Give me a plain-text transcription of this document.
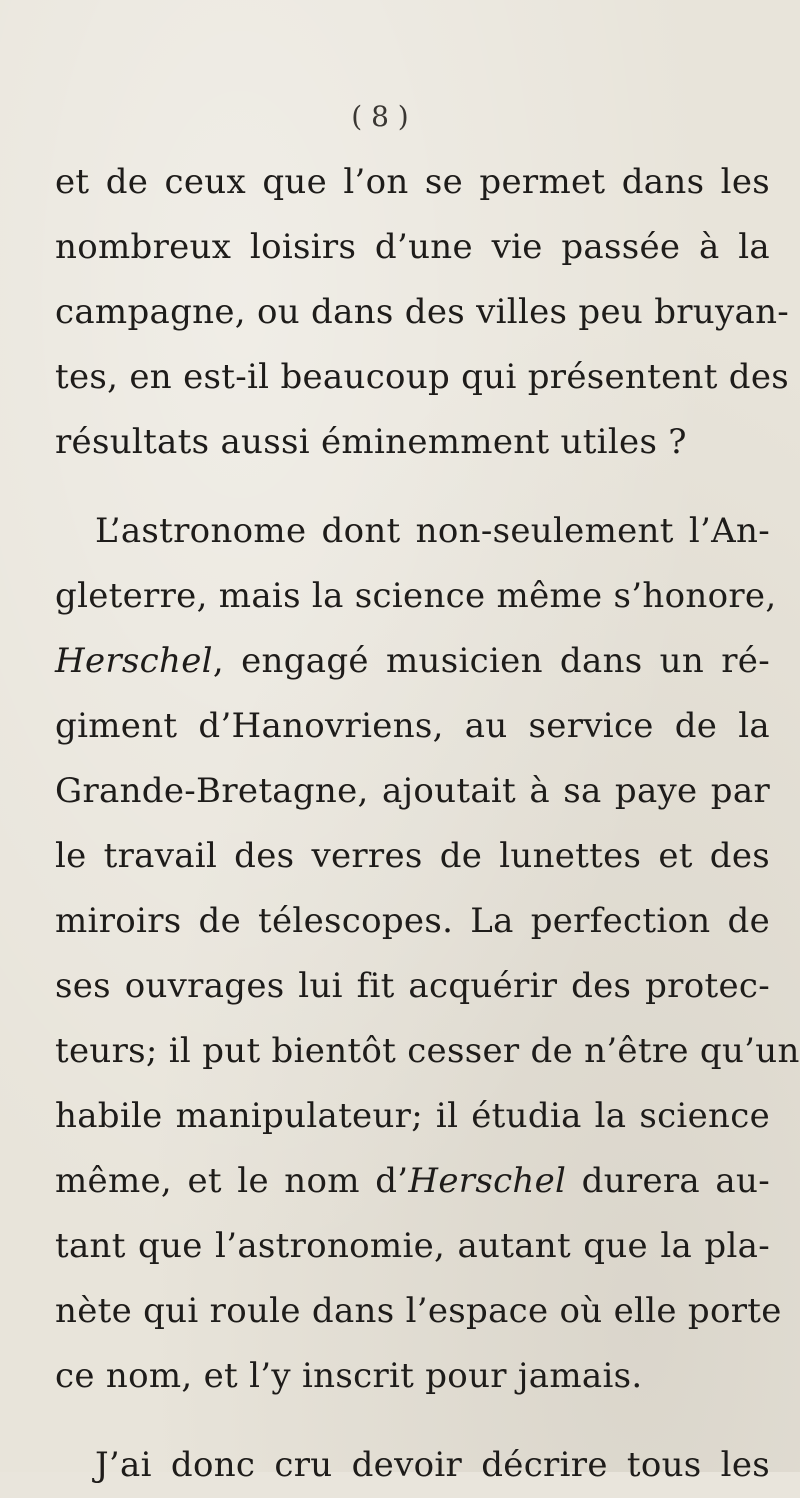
( 8 )
et de ceux que l’on se permet dans les
nombreux loisirs d’une vie passée à la
campagne, ou dans des villes peu bruyan-
tes, en est-il beaucoup qui présentent des
résultats aussi éminemment utiles ?
L’astronome dont non-seulement l’An-
gleterre, mais la science même s’honore,
Herschel, engagé musicien dans un ré-
giment d’Hanovriens, au service de la
Grande-Bretagne, ajoutait à sa paye par
le travail des verres de lunettes et des
miroirs de télescopes. La perfection de
ses ouvrages lui fit acquérir des protec-
teurs; il put bientôt cesser de n’être qu’un
habile manipulateur; il étudia la science
même, et le nom d’Herschel durera au-
tant que l’astronomie, autant que la pla-
nète qui roule dans l’espace où elle porte
ce nom, et l’y inscrit pour jamais.
J’ai donc cru devoir décrire tous les
